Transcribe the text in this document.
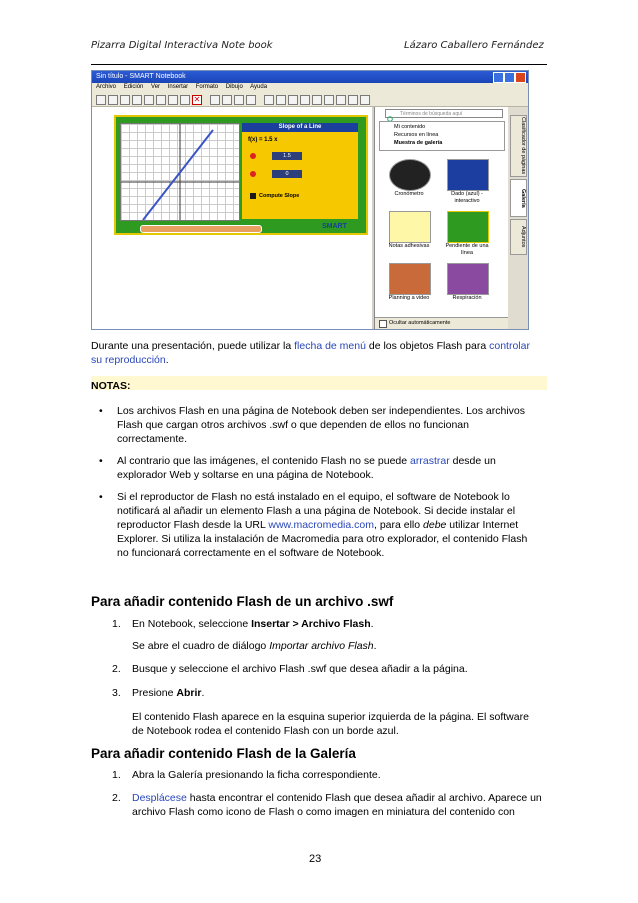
Pizarra Digital Interactiva Note book	Lázaro Caballero Fernández
Sin título - SMART Notebook
Archivo Edición Ver Insertar Formato Dibujo Ayuda
✕
Slope of a Line
f(x) = 1.5 x
1.5
0
Compute Slope
SMART
Términos de búsqueda aquí
Mi contenido
Recursos en línea
Muestra de galería
Cronómetro	Dado (azul) - interactivo
Notas adhesivas	Pendiente de una línea
Planning a video	Respiración
Ocultar automáticamente
Clasificador de páginas
Galería
Adjuntos
Durante una presentación, puede utilizar la flecha de menú de los objetos Flash para controlar
su reproducción.
NOTAS:
• Los archivos Flash en una página de Notebook deben ser independientes. Los archivos Flash que cargan otros archivos .swf o que dependen de ellos no funcionan correctamente.
• Al contrario que las imágenes, el contenido Flash no se puede arrastrar desde un explorador Web y soltarse en una página de Notebook.
• Si el reproductor de Flash no está instalado en el equipo, el software de Notebook lo notificará al añadir un elemento Flash a una página de Notebook. Si decide instalar el reproductor Flash desde la URL www.macromedia.com, para ello debe utilizar Internet Explorer. Si utiliza la instalación de Macromedia para otro explorador, el contenido Flash no funcionará correctamente en el software de Notebook.
Para añadir contenido Flash de un archivo .swf
1. En Notebook, seleccione Insertar > Archivo Flash.
Se abre el cuadro de diálogo Importar archivo Flash.
2. Busque y seleccione el archivo Flash .swf que desea añadir a la página.
3. Presione Abrir.
El contenido Flash aparece en la esquina superior izquierda de la página. El software de Notebook rodea el contenido Flash con un borde azul.
Para añadir contenido Flash de la Galería
1. Abra la Galería presionando la ficha correspondiente.
2. Desplácese hasta encontrar el contenido Flash que desea añadir al archivo. Aparece un archivo Flash como icono de Flash o como imagen en miniatura del contenido con
23
